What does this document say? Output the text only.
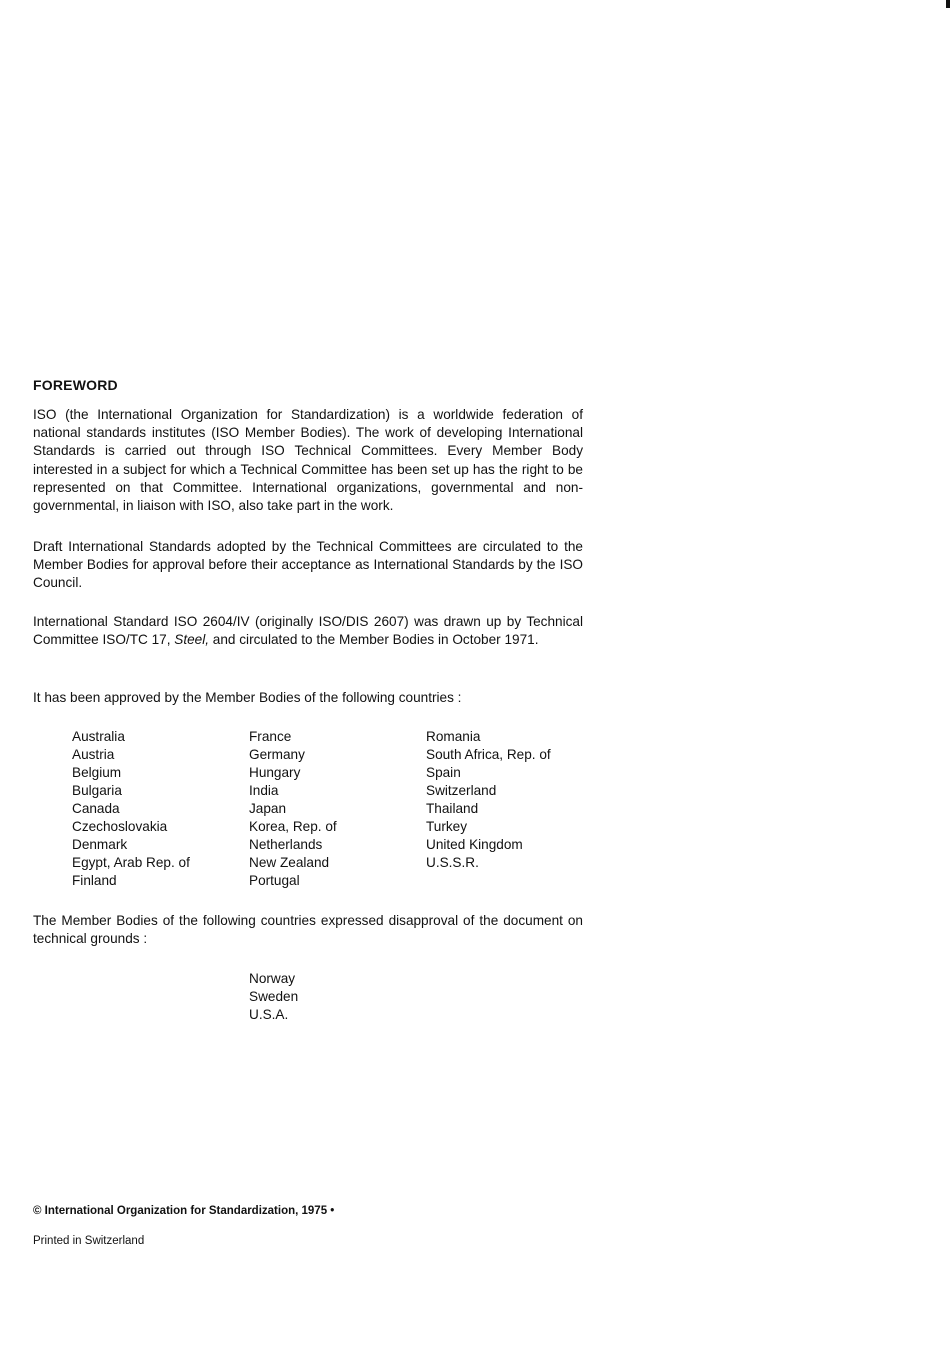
FOREWORD

ISO (the International Organization for Standardization) is a worldwide federation of national standards institutes (ISO Member Bodies). The work of developing International Standards is carried out through ISO Technical Committees. Every Member Body interested in a subject for which a Technical Committee has been set up has the right to be represented on that Committee. International organizations, governmental and non-governmental, in liaison with ISO, also take part in the work.

Draft International Standards adopted by the Technical Committees are circulated to the Member Bodies for approval before their acceptance as International Standards by the ISO Council.

International Standard ISO 2604/IV (originally ISO/DIS 2607) was drawn up by Technical Committee ISO/TC 17, Steel, and circulated to the Member Bodies in October 1971.

It has been approved by the Member Bodies of the following countries :

Australia
Austria
Belgium
Bulgaria
Canada
Czechoslovakia
Denmark
Egypt, Arab Rep. of
Finland
France
Germany
Hungary
India
Japan
Korea, Rep. of
Netherlands
New Zealand
Portugal
Romania
South Africa, Rep. of
Spain
Switzerland
Thailand
Turkey
United Kingdom
U.S.S.R.

The Member Bodies of the following countries expressed disapproval of the document on technical grounds :

Norway
Sweden
U.S.A.
© International Organization for Standardization, 1975 •
Printed in Switzerland
